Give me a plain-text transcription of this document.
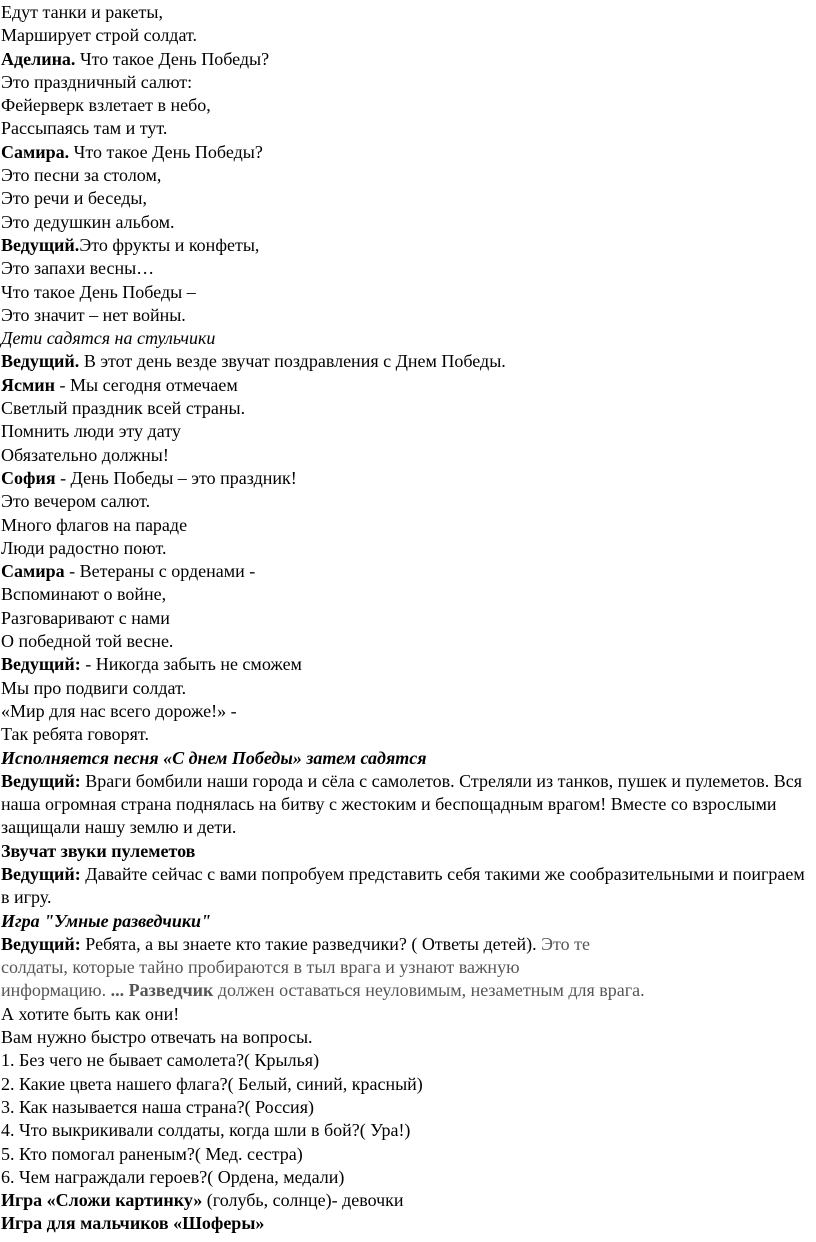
Едут танки и ракеты,
Марширует строй солдат.
Аделина. Что такое День Победы?
Это праздничный салют:
Фейерверк взлетает в небо,
Рассыпаясь там и тут.
Самира. Что такое День Победы?
Это песни за столом,
Это речи и беседы,
Это дедушкин альбом.
Ведущий.Это фрукты и конфеты,
Это запахи весны…
Что такое День Победы –
Это значит – нет войны.
Дети садятся на стульчики
Ведущий. В этот день везде звучат поздравления с Днем Победы.
Ясмин - Мы сегодня отмечаем
Светлый праздник всей страны.
Помнить люди эту дату
Обязательно должны!
София - День Победы – это праздник!
Это вечером салют.
Много флагов на параде
Люди радостно поют.
Самира - Ветераны с орденами -
Вспоминают о войне,
Разговаривают с нами
О победной той весне.
Ведущий: - Никогда забыть не сможем
Мы про подвиги солдат.
«Мир для нас всего дороже!» -
Так ребята говорят.
Исполняется песня «С днем Победы» затем садятся
Ведущий: Враги бомбили наши города и сёла с самолетов. Стреляли из танков, пушек и пулеметов. Вся наша огромная страна поднялась на битву с жестоким и беспощадным врагом! Вместе со взрослыми защищали нашу землю и дети.
Звучат звуки пулеметов
Ведущий: Давайте сейчас с вами попробуем представить себя такими же сообразительными и поиграем в игру.
Игра "Умные разведчики"
Ведущий: Ребята, а вы знаете кто такие разведчики? ( Ответы детей). Это те
солдаты, которые тайно пробираются в тыл врага и узнают важную
информацию. ... Разведчик должен оставаться неуловимым, незаметным для врага.
А хотите быть как они!
Вам нужно быстро отвечать на вопросы.
1. Без чего не бывает самолета?( Крылья)
2. Какие цвета нашего флага?( Белый, синий, красный)
3. Как называется наша страна?( Россия)
4. Что выкрикивали солдаты, когда шли в бой?( Ура!)
5. Кто помогал раненым?( Мед. сестра)
6. Чем награждали героев?( Ордена, медали)
Игра «Сложи картинку» (голубь, солнце)- девочки
Игра для мальчиков «Шоферы»
